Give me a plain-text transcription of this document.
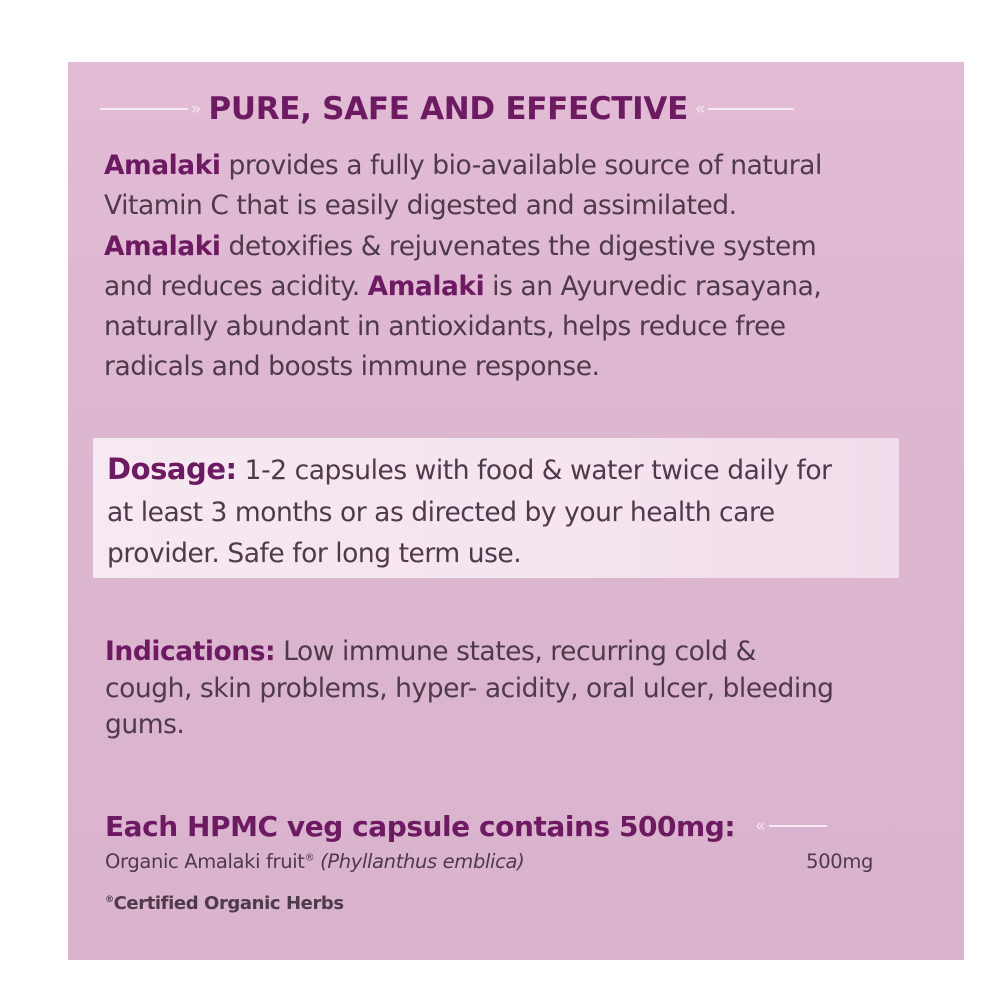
» PURE, SAFE AND EFFECTIVE «
Amalaki provides a fully bio-available source of natural
Vitamin C that is easily digested and assimilated.
Amalaki detoxifies & rejuvenates the digestive system
and reduces acidity. Amalaki is an Ayurvedic rasayana,
naturally abundant in antioxidants, helps reduce free
radicals and boosts immune response.
Dosage: 1-2 capsules with food & water twice daily for
at least 3 months or as directed by your health care
provider. Safe for long term use.
Indications: Low immune states, recurring cold &
cough, skin problems, hyper- acidity, oral ulcer, bleeding
gums.
Each HPMC veg capsule contains 500mg: «
Organic Amalaki fruit® (Phyllanthus emblica)	500mg
®Certified Organic Herbs
